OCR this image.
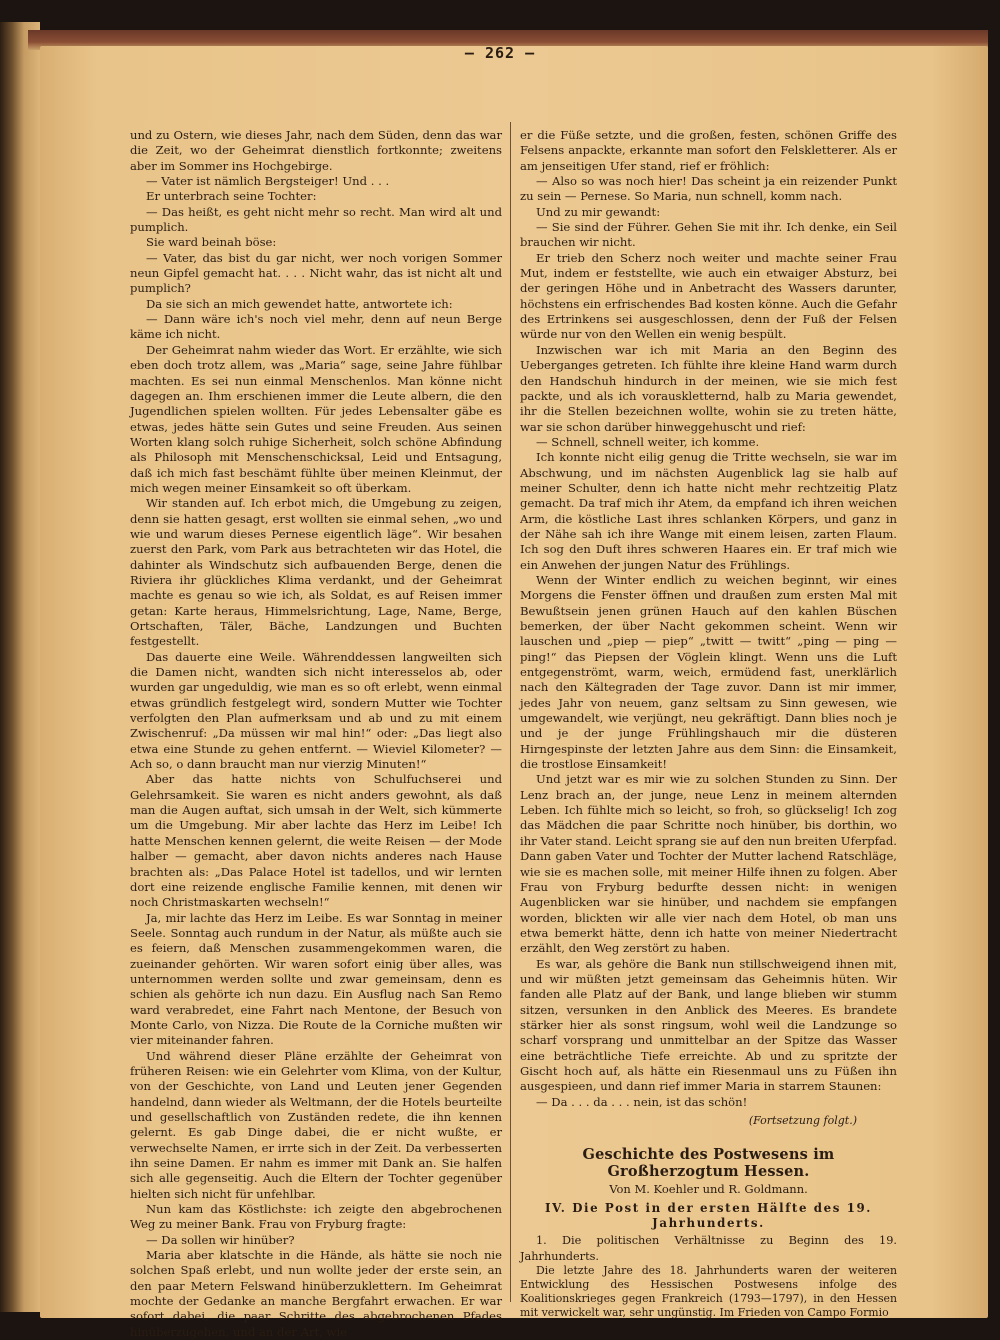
— 262 —

und zu Ostern, wie dieses Jahr, nach dem Süden, denn das war die Zeit, wo der Geheimrat dienstlich fortkonnte; zweitens aber im Sommer ins Hochgebirge.

— Vater ist nämlich Bergsteiger! Und . . .

Er unterbrach seine Tochter:

— Das heißt, es geht nicht mehr so recht. Man wird alt und pumplich.

Sie ward beinah böse:

— Vater, das bist du gar nicht, wer noch vorigen Sommer neun Gipfel gemacht hat. . . . Nicht wahr, das ist nicht alt und pumplich?

Da sie sich an mich gewendet hatte, antwortete ich:

— Dann wäre ich's noch viel mehr, denn auf neun Berge käme ich nicht.

Der Geheimrat nahm wieder das Wort. Er erzählte, wie sich eben doch trotz allem, was „Maria“ sage, seine Jahre fühlbar machten. Es sei nun einmal Menschenlos. Man könne nicht dagegen an. Ihm erschienen immer die Leute albern, die den Jugendlichen spielen wollten. Für jedes Lebensalter gäbe es etwas, jedes hätte sein Gutes und seine Freuden. Aus seinen Worten klang solch ruhige Sicherheit, solch schöne Abfindung als Philosoph mit Menschenschicksal, Leid und Entsagung, daß ich mich fast beschämt fühlte über meinen Kleinmut, der mich wegen meiner Einsamkeit so oft überkam.

Wir standen auf. Ich erbot mich, die Umgebung zu zeigen, denn sie hatten gesagt, erst wollten sie einmal sehen, „wo und wie und warum dieses Pernese eigentlich läge“. Wir besahen zuerst den Park, vom Park aus betrachteten wir das Hotel, die dahinter als Windschutz sich aufbauenden Berge, denen die Riviera ihr glückliches Klima verdankt, und der Geheimrat machte es genau so wie ich, als Soldat, es auf Reisen immer getan: Karte heraus, Himmelsrichtung, Lage, Name, Berge, Ortschaften, Täler, Bäche, Landzungen und Buchten festgestellt.

Das dauerte eine Weile. Währenddessen langweilten sich die Damen nicht, wandten sich nicht interesselos ab, oder wurden gar ungeduldig, wie man es so oft erlebt, wenn einmal etwas gründlich festgelegt wird, sondern Mutter wie Tochter verfolgten den Plan aufmerksam und ab und zu mit einem Zwischenruf: „Da müssen wir mal hin!“ oder: „Das liegt also etwa eine Stunde zu gehen entfernt. — Wieviel Kilometer? — Ach so, o dann braucht man nur vierzig Minuten!“

Aber das hatte nichts von Schulfuchserei und Gelehrsamkeit. Sie waren es nicht anders gewohnt, als daß man die Augen auftat, sich umsah in der Welt, sich kümmerte um die Umgebung. Mir aber lachte das Herz im Leibe! Ich hatte Menschen kennen gelernt, die weite Reisen — der Mode halber — gemacht, aber davon nichts anderes nach Hause brachten als: „Das Palace Hotel ist tadellos, und wir lernten dort eine reizende englische Familie kennen, mit denen wir noch Christmaskarten wechseln!“

Ja, mir lachte das Herz im Leibe. Es war Sonntag in meiner Seele. Sonntag auch rundum in der Natur, als müßte auch sie es feiern, daß Menschen zusammengekommen waren, die zueinander gehörten. Wir waren sofort einig über alles, was unternommen werden sollte und zwar gemeinsam, denn es schien als gehörte ich nun dazu. Ein Ausflug nach San Remo ward verabredet, eine Fahrt nach Mentone, der Besuch von Monte Carlo, von Nizza. Die Route de la Corniche mußten wir vier miteinander fahren.

Und während dieser Pläne erzählte der Geheimrat von früheren Reisen: wie ein Gelehrter vom Klima, von der Kultur, von der Geschichte, von Land und Leuten jener Gegenden handelnd, dann wieder als Weltmann, der die Hotels beurteilte und gesellschaftlich von Zuständen redete, die ihn kennen gelernt. Es gab Dinge dabei, die er nicht wußte, er verwechselte Namen, er irrte sich in der Zeit. Da verbesserten ihn seine Damen. Er nahm es immer mit Dank an. Sie halfen sich alle gegenseitig. Auch die Eltern der Tochter gegenüber hielten sich nicht für unfehlbar.

Nun kam das Köstlichste: ich zeigte den abgebrochenen Weg zu meiner Bank. Frau von Fryburg fragte:

— Da sollen wir hinüber?

Maria aber klatschte in die Hände, als hätte sie noch nie solchen Spaß erlebt, und nun wollte jeder der erste sein, an den paar Metern Felswand hinüberzuklettern. Im Geheimrat mochte der Gedanke an manche Bergfahrt erwachen. Er war sofort dabei, die paar Schritte des abgebrochenen Pfades hinüberzugehen, und an der Art, wie

er die Füße setzte, und die großen, festen, schönen Griffe des Felsens anpackte, erkannte man sofort den Felskletterer. Als er am jenseitigen Ufer stand, rief er fröhlich:

— Also so was noch hier! Das scheint ja ein reizender Punkt zu sein — Pernese. So Maria, nun schnell, komm nach.

Und zu mir gewandt:

— Sie sind der Führer. Gehen Sie mit ihr. Ich denke, ein Seil brauchen wir nicht.

Er trieb den Scherz noch weiter und machte seiner Frau Mut, indem er feststellte, wie auch ein etwaiger Absturz, bei der geringen Höhe und in Anbetracht des Wassers darunter, höchstens ein erfrischendes Bad kosten könne. Auch die Gefahr des Ertrinkens sei ausgeschlossen, denn der Fuß der Felsen würde nur von den Wellen ein wenig bespült.

Inzwischen war ich mit Maria an den Beginn des Ueberganges getreten. Ich fühlte ihre kleine Hand warm durch den Handschuh hindurch in der meinen, wie sie mich fest packte, und als ich vorauskletternd, halb zu Maria gewendet, ihr die Stellen bezeichnen wollte, wohin sie zu treten hätte, war sie schon darüber hinweggehuscht und rief:

— Schnell, schnell weiter, ich komme.

Ich konnte nicht eilig genug die Tritte wechseln, sie war im Abschwung, und im nächsten Augenblick lag sie halb auf meiner Schulter, denn ich hatte nicht mehr rechtzeitig Platz gemacht. Da traf mich ihr Atem, da empfand ich ihren weichen Arm, die köstliche Last ihres schlanken Körpers, und ganz in der Nähe sah ich ihre Wange mit einem leisen, zarten Flaum. Ich sog den Duft ihres schweren Haares ein. Er traf mich wie ein Anwehen der jungen Natur des Frühlings.

Wenn der Winter endlich zu weichen beginnt, wir eines Morgens die Fenster öffnen und draußen zum ersten Mal mit Bewußtsein jenen grünen Hauch auf den kahlen Büschen bemerken, der über Nacht gekommen scheint. Wenn wir lauschen und „piep — piep“ „twitt — twitt“ „ping — ping — ping!“ das Piepsen der Vöglein klingt. Wenn uns die Luft entgegenströmt, warm, weich, ermüdend fast, unerklärlich nach den Kältegraden der Tage zuvor. Dann ist mir immer, jedes Jahr von neuem, ganz seltsam zu Sinn gewesen, wie umgewandelt, wie verjüngt, neu gekräftigt. Dann blies noch je und je der junge Frühlingshauch mir die düsteren Hirngespinste der letzten Jahre aus dem Sinn: die Einsamkeit, die trostlose Einsamkeit!

Und jetzt war es mir wie zu solchen Stunden zu Sinn. Der Lenz brach an, der junge, neue Lenz in meinem alternden Leben. Ich fühlte mich so leicht, so froh, so glückselig! Ich zog das Mädchen die paar Schritte noch hinüber, bis dorthin, wo ihr Vater stand. Leicht sprang sie auf den nun breiten Uferpfad. Dann gaben Vater und Tochter der Mutter lachend Ratschläge, wie sie es machen solle, mit meiner Hilfe ihnen zu folgen. Aber Frau von Fryburg bedurfte dessen nicht: in wenigen Augenblicken war sie hinüber, und nachdem sie empfangen worden, blickten wir alle vier nach dem Hotel, ob man uns etwa bemerkt hätte, denn ich hatte von meiner Niedertracht erzählt, den Weg zerstört zu haben.

Es war, als gehöre die Bank nun stillschweigend ihnen mit, und wir müßten jetzt gemeinsam das Geheimnis hüten. Wir fanden alle Platz auf der Bank, und lange blieben wir stumm sitzen, versunken in den Anblick des Meeres. Es brandete stärker hier als sonst ringsum, wohl weil die Landzunge so scharf vorsprang und unmittelbar an der Spitze das Wasser eine beträchtliche Tiefe erreichte. Ab und zu spritzte der Gischt hoch auf, als hätte ein Riesenmaul uns zu Füßen ihn ausgespieen, und dann rief immer Maria in starrem Staunen:

— Da . . . da . . . nein, ist das schön!

(Fortsetzung folgt.)

Geschichte des Postwesens im Großherzogtum Hessen.
Von M. Koehler und R. Goldmann.
IV. Die Post in der ersten Hälfte des 19. Jahrhunderts.

1. Die politischen Verhältnisse zu Beginn des 19. Jahrhunderts.

Die letzte Jahre des 18. Jahrhunderts waren der weiteren Entwicklung des Hessischen Postwesens infolge des Koalitionskrieges gegen Frankreich (1793—1797), in den Hessen mit verwickelt war, sehr ungünstig. Im Frieden von Campo Formio
